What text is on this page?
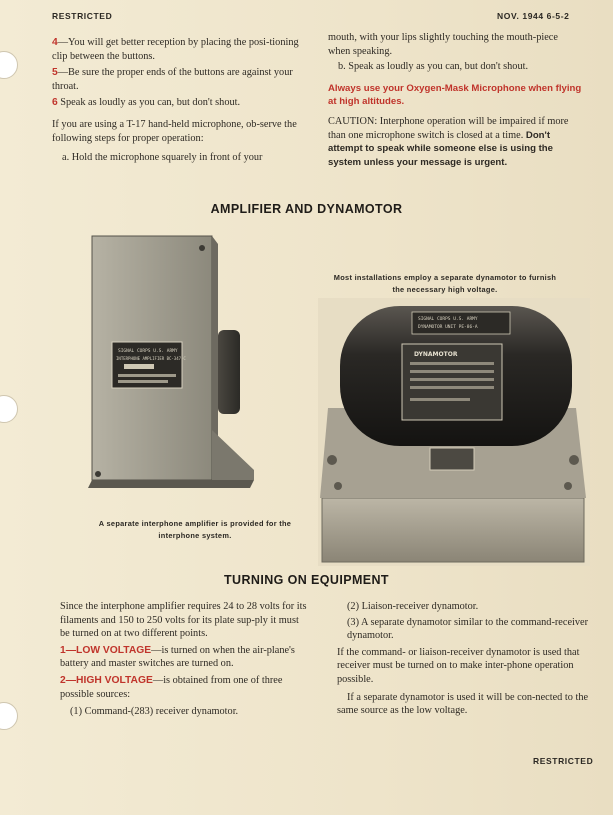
RESTRICTED	NOV. 1944 6-5-2

4—You will get better reception by placing the posi-tioning clip between the buttons.

5—Be sure the proper ends of the buttons are against your throat.

6 Speak as loudly as you can, but don't shout.

If you are using a T-17 hand-held microphone, ob-serve the following steps for proper operation:

a. Hold the microphone squarely in front of your

mouth, with your lips slightly touching the mouth-piece when speaking.

b. Speak as loudly as you can, but don't shout.

Always use your Oxygen-Mask Microphone when flying at high altitudes.

CAUTION: Interphone operation will be impaired if more than one microphone switch is closed at a time. Don't attempt to speak while someone else is using the system unless your message is urgent.

AMPLIFIER AND DYNAMOTOR
SIGNAL CORPS U.S. ARMY
INTERPHONE AMPLIFIER BC-347-C
A separate interphone amplifier is provided for the interphone system.
Most installations employ a separate dynamotor to furnish the necessary high voltage.
DYNAMOTOR
SIGNAL CORPS U.S. ARMY
DYNAMOTOR UNIT PE-86-A
TURNING ON EQUIPMENT

Since the interphone amplifier requires 24 to 28 volts for its filaments and 150 to 250 volts for its plate sup-ply it must be turned on at two different points.

1—LOW VOLTAGE—is turned on when the air-plane's battery and master switches are turned on.

2—HIGH VOLTAGE—is obtained from one of three possible sources:

(1) Command-(283) receiver dynamotor.

(2) Liaison-receiver dynamotor.

(3) A separate dynamotor similar to the command-receiver dynamotor.

If the command- or liaison-receiver dynamotor is used that receiver must be turned on to make inter-phone operation possible.

If a separate dynamotor is used it will be con-nected to the same source as the low voltage.

RESTRICTED
